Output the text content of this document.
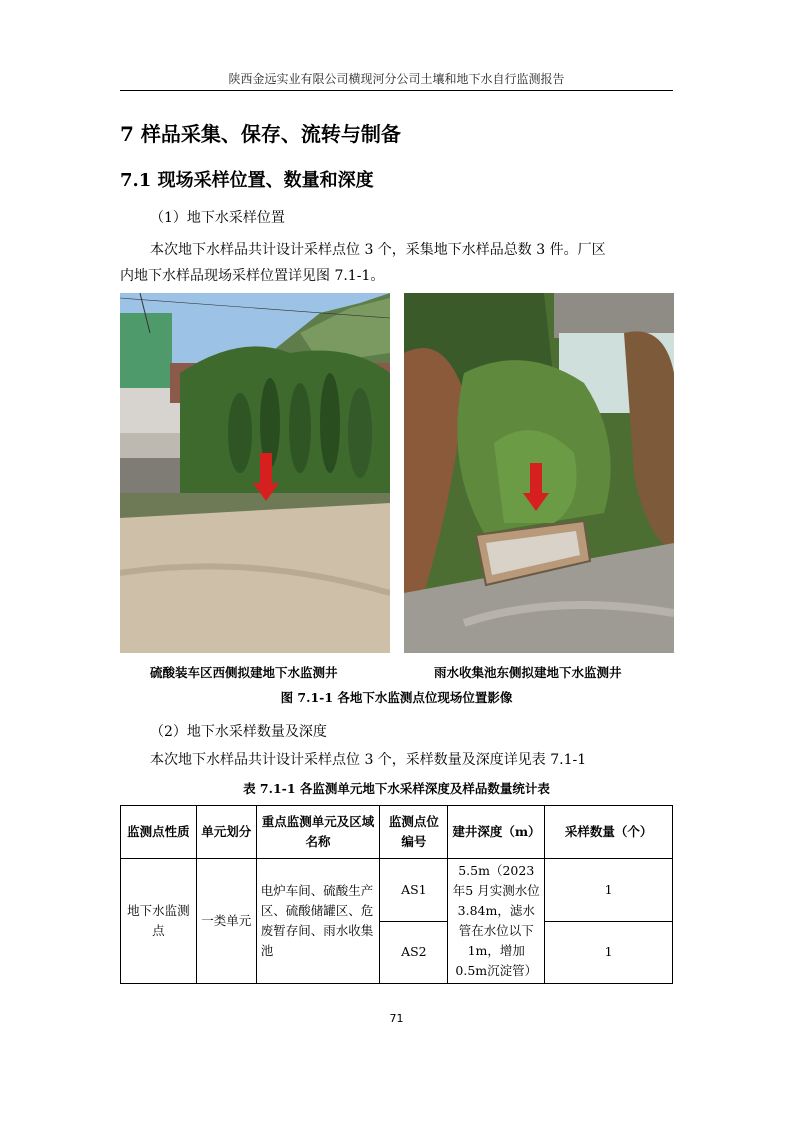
陕西金远实业有限公司横现河分公司土壤和地下水自行监测报告
7 样品采集、保存、流转与制备
7.1 现场采样位置、数量和深度
（1）地下水采样位置
本次地下水样品共计设计采样点位 3 个，采集地下水样品总数 3 件。厂区
内地下水样品现场采样位置详见图 7.1-1。
硫酸装车区西侧拟建地下水监测井	雨水收集池东侧拟建地下水监测井
图 7.1-1 各地下水监测点位现场位置影像
（2）地下水采样数量及深度
本次地下水样品共计设计采样点位 3 个，采样数量及深度详见表 7.1-1
表 7.1-1 各监测单元地下水采样深度及样品数量统计表
监测点性质	单元划分	重点监测单元及区域名称	监测点位编号	建井深度（m）	采样数量（个）
地下水监测点	一类单元	电炉车间、硫酸生产区、硫酸储罐区、危废暂存间、雨水收集池	AS1	5.5m（2023 年5 月实测水位3.84m，滤水管在水位以下1m，增加 0.5m沉淀管）	1
			AS2		1
71
